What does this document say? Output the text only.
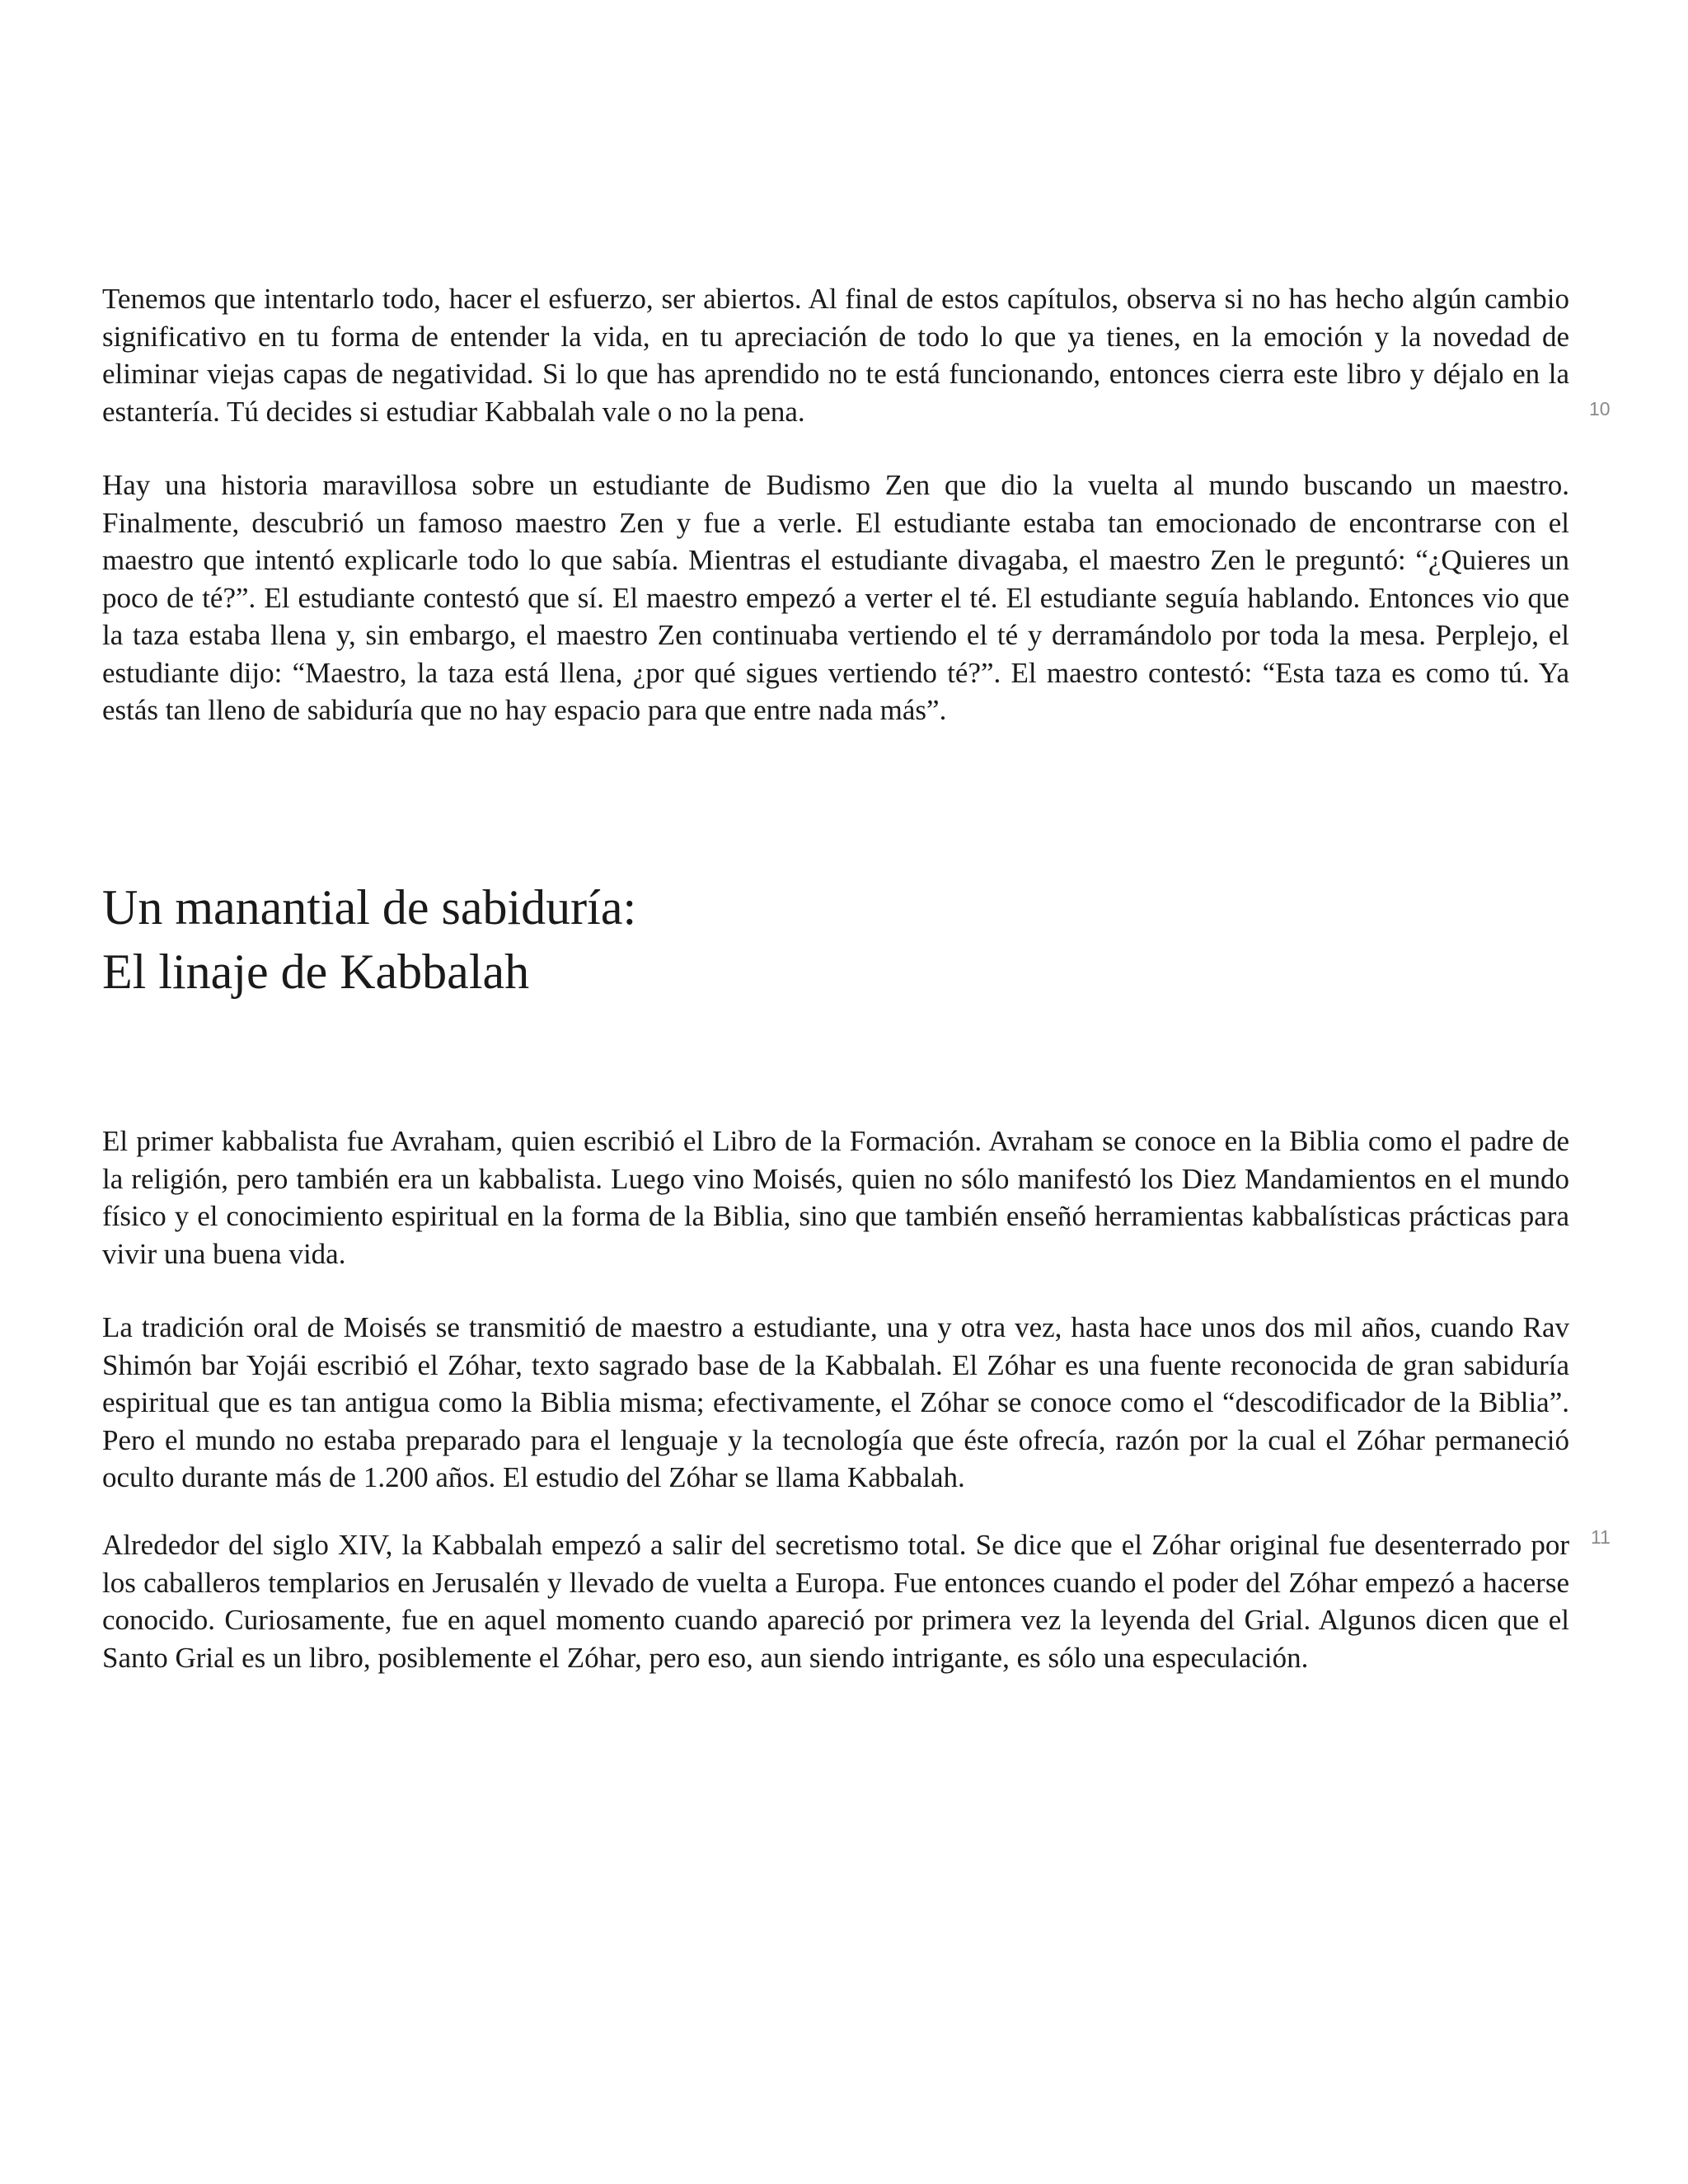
Tenemos que intentarlo todo, hacer el esfuerzo, ser abiertos. Al final de estos capítulos, observa si no has hecho algún cambio significativo en tu forma de entender la vida, en tu apreciación de todo lo que ya tienes, en la emoción y la novedad de eliminar viejas capas de negatividad. Si lo que has aprendido no te está funcionando, entonces cierra este libro y déjalo en la estantería. Tú decides si estudiar Kabbalah vale o no la pena.

Hay una historia maravillosa sobre un estudiante de Budismo Zen que dio la vuelta al mundo buscando un maestro. Finalmente, descubrió un famoso maestro Zen y fue a verle. El estudiante estaba tan emocionado de encontrarse con el maestro que intentó explicarle todo lo que sabía. Mientras el estudiante divagaba, el maestro Zen le preguntó: “¿Quieres un poco de té?”. El estudiante contestó que sí. El maestro empezó a verter el té. El estudiante seguía hablando. Entonces vio que la taza estaba llena y, sin embargo, el maestro Zen continuaba vertiendo el té y derramándolo por toda la mesa. Perplejo, el estudiante dijo: “Maestro, la taza está llena, ¿por qué sigues vertiendo té?”. El maestro contestó: “Esta taza es como tú. Ya estás tan lleno de sabiduría que no hay espacio para que entre nada más”.

Un manantial de sabiduría:
El linaje de Kabbalah

El primer kabbalista fue Avraham, quien escribió el Libro de la Formación. Avraham se conoce en la Biblia como el padre de la religión, pero también era un kabbalista. Luego vino Moisés, quien no sólo manifestó los Diez Mandamientos en el mundo físico y el conocimiento espiritual en la forma de la Biblia, sino que también enseñó herramientas kabbalísticas prácticas para vivir una buena vida.

La tradición oral de Moisés se transmitió de maestro a estudiante, una y otra vez, hasta hace unos dos mil años, cuando Rav Shimón bar Yojái escribió el Zóhar, texto sagrado base de la Kabbalah. El Zóhar es una fuente reconocida de gran sabiduría espiritual que es tan antigua como la Biblia misma; efectivamente, el Zóhar se conoce como el “descodificador de la Biblia”. Pero el mundo no estaba preparado para el lenguaje y la tecnología que éste ofrecía, razón por la cual el Zóhar permaneció oculto durante más de 1.200 años. El estudio del Zóhar se llama Kabbalah.

Alrededor del siglo XIV, la Kabbalah empezó a salir del secretismo total. Se dice que el Zóhar original fue desenterrado por los caballeros templarios en Jerusalén y llevado de vuelta a Europa. Fue entonces cuando el poder del Zóhar empezó a hacerse conocido. Curiosamente, fue en aquel momento cuando apareció por primera vez la leyenda del Grial. Algunos dicen que el Santo Grial es un libro, posiblemente el Zóhar, pero eso, aun siendo intrigante, es sólo una especulación.

10
11
